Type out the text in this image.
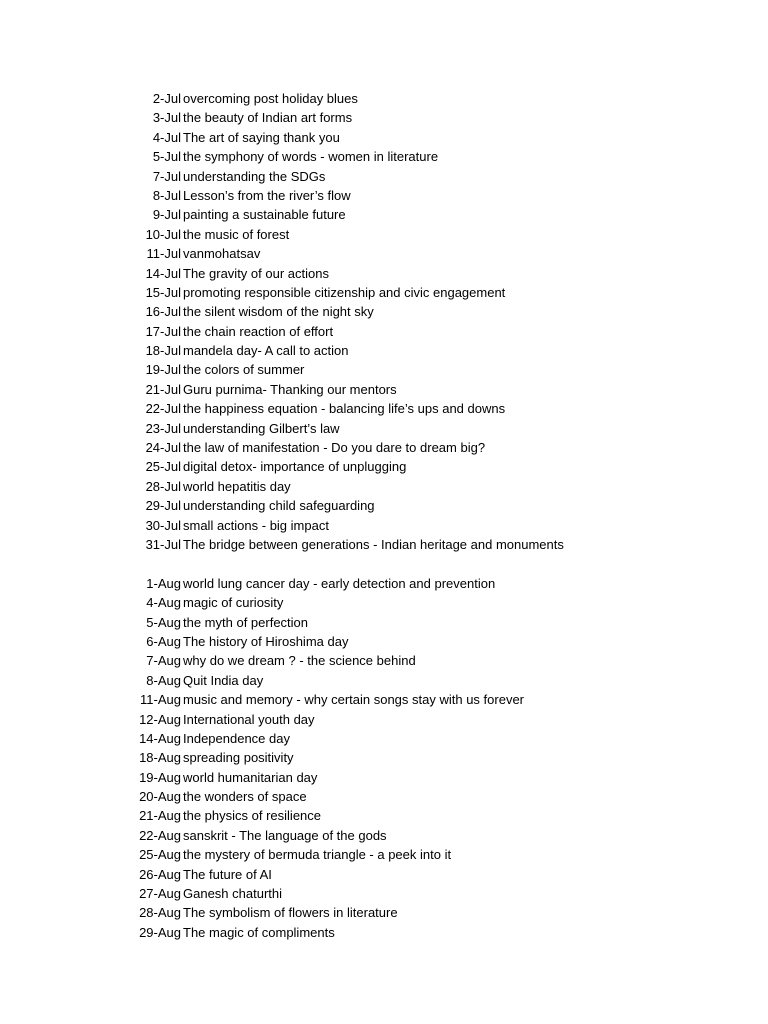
2-Jul overcoming post holiday blues
3-Jul the beauty of Indian art forms
4-Jul The art of saying thank you
5-Jul the symphony of words - women in literature
7-Jul understanding the SDGs
8-Jul Lesson’s from the river’s flow
9-Jul painting a sustainable future
10-Jul the music of forest
11-Jul vanmohatsav
14-Jul The gravity of our actions
15-Jul promoting responsible citizenship and civic engagement
16-Jul the silent wisdom of the night sky
17-Jul the chain reaction of effort
18-Jul mandela day- A call to action
19-Jul the colors of summer
21-Jul Guru purnima- Thanking our mentors
22-Jul the happiness equation - balancing life’s ups and downs
23-Jul understanding Gilbert’s law
24-Jul the law of manifestation - Do you dare to dream big?
25-Jul digital detox- importance of unplugging
28-Jul world hepatitis day
29-Jul understanding child safeguarding
30-Jul small actions - big impact
31-Jul The bridge between generations - Indian heritage and monuments
1-Aug world lung cancer day - early detection and prevention
4-Aug magic of curiosity
5-Aug the myth of perfection
6-Aug The history of Hiroshima day
7-Aug why do we dream ? - the science behind
8-Aug Quit India day
11-Aug music and memory - why certain songs stay with us forever
12-Aug International youth day
14-Aug Independence day
18-Aug spreading positivity
19-Aug world humanitarian day
20-Aug the wonders of space
21-Aug the physics of resilience
22-Aug sanskrit - The language of the gods
25-Aug the mystery of bermuda triangle - a peek into it
26-Aug The future of AI
27-Aug Ganesh chaturthi
28-Aug The symbolism of flowers in literature
29-Aug The magic of compliments
